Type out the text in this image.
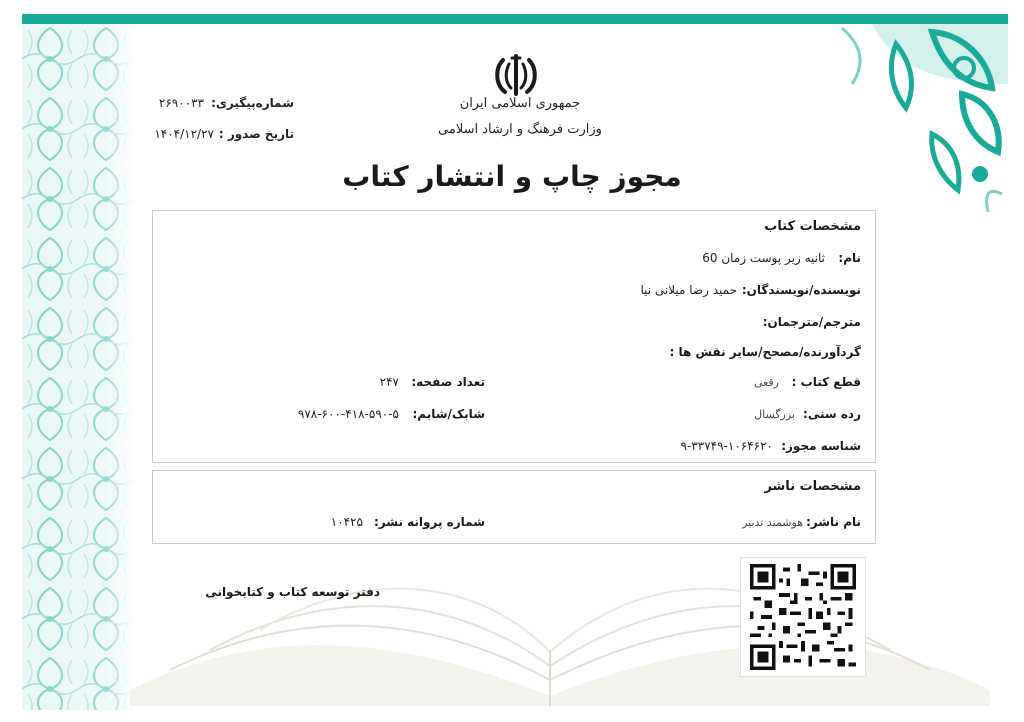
جمهوری اسلامی ایران
وزارت فرهنگ و ارشاد اسلامی
شماره‌پیگیری:
۲۶۹۰۰۳۳
تاریخ صدور :
۱۴۰۴/۱۲/۲۷
مجوز چاپ و انتشار کتاب
مشخصات کتاب
نام:
ثانیه زیر پوست زمان 60
نویسنده/نویسندگان:
حمید رضا میلانی نیا
مترجم/مترجمان:
گردآورنده/مصحح/سایر نقش ها :
قطع کتاب :
رقعی
تعداد صفحه:
۲۴۷
رده سنی:
بزرگسال
شابک/شابم:
۹۷۸-۶۰۰-۴۱۸-۵۹۰-۵
شناسه مجوز:
۹-۳۳۷۴۹-۱۰۶۴۶۲۰
مشخصات ناشر
نام ناشر:
هوشمند تدبیر
شماره پروانه نشر:
۱۰۴۲۵
دفتر توسعه کتاب و کتابخوانی
